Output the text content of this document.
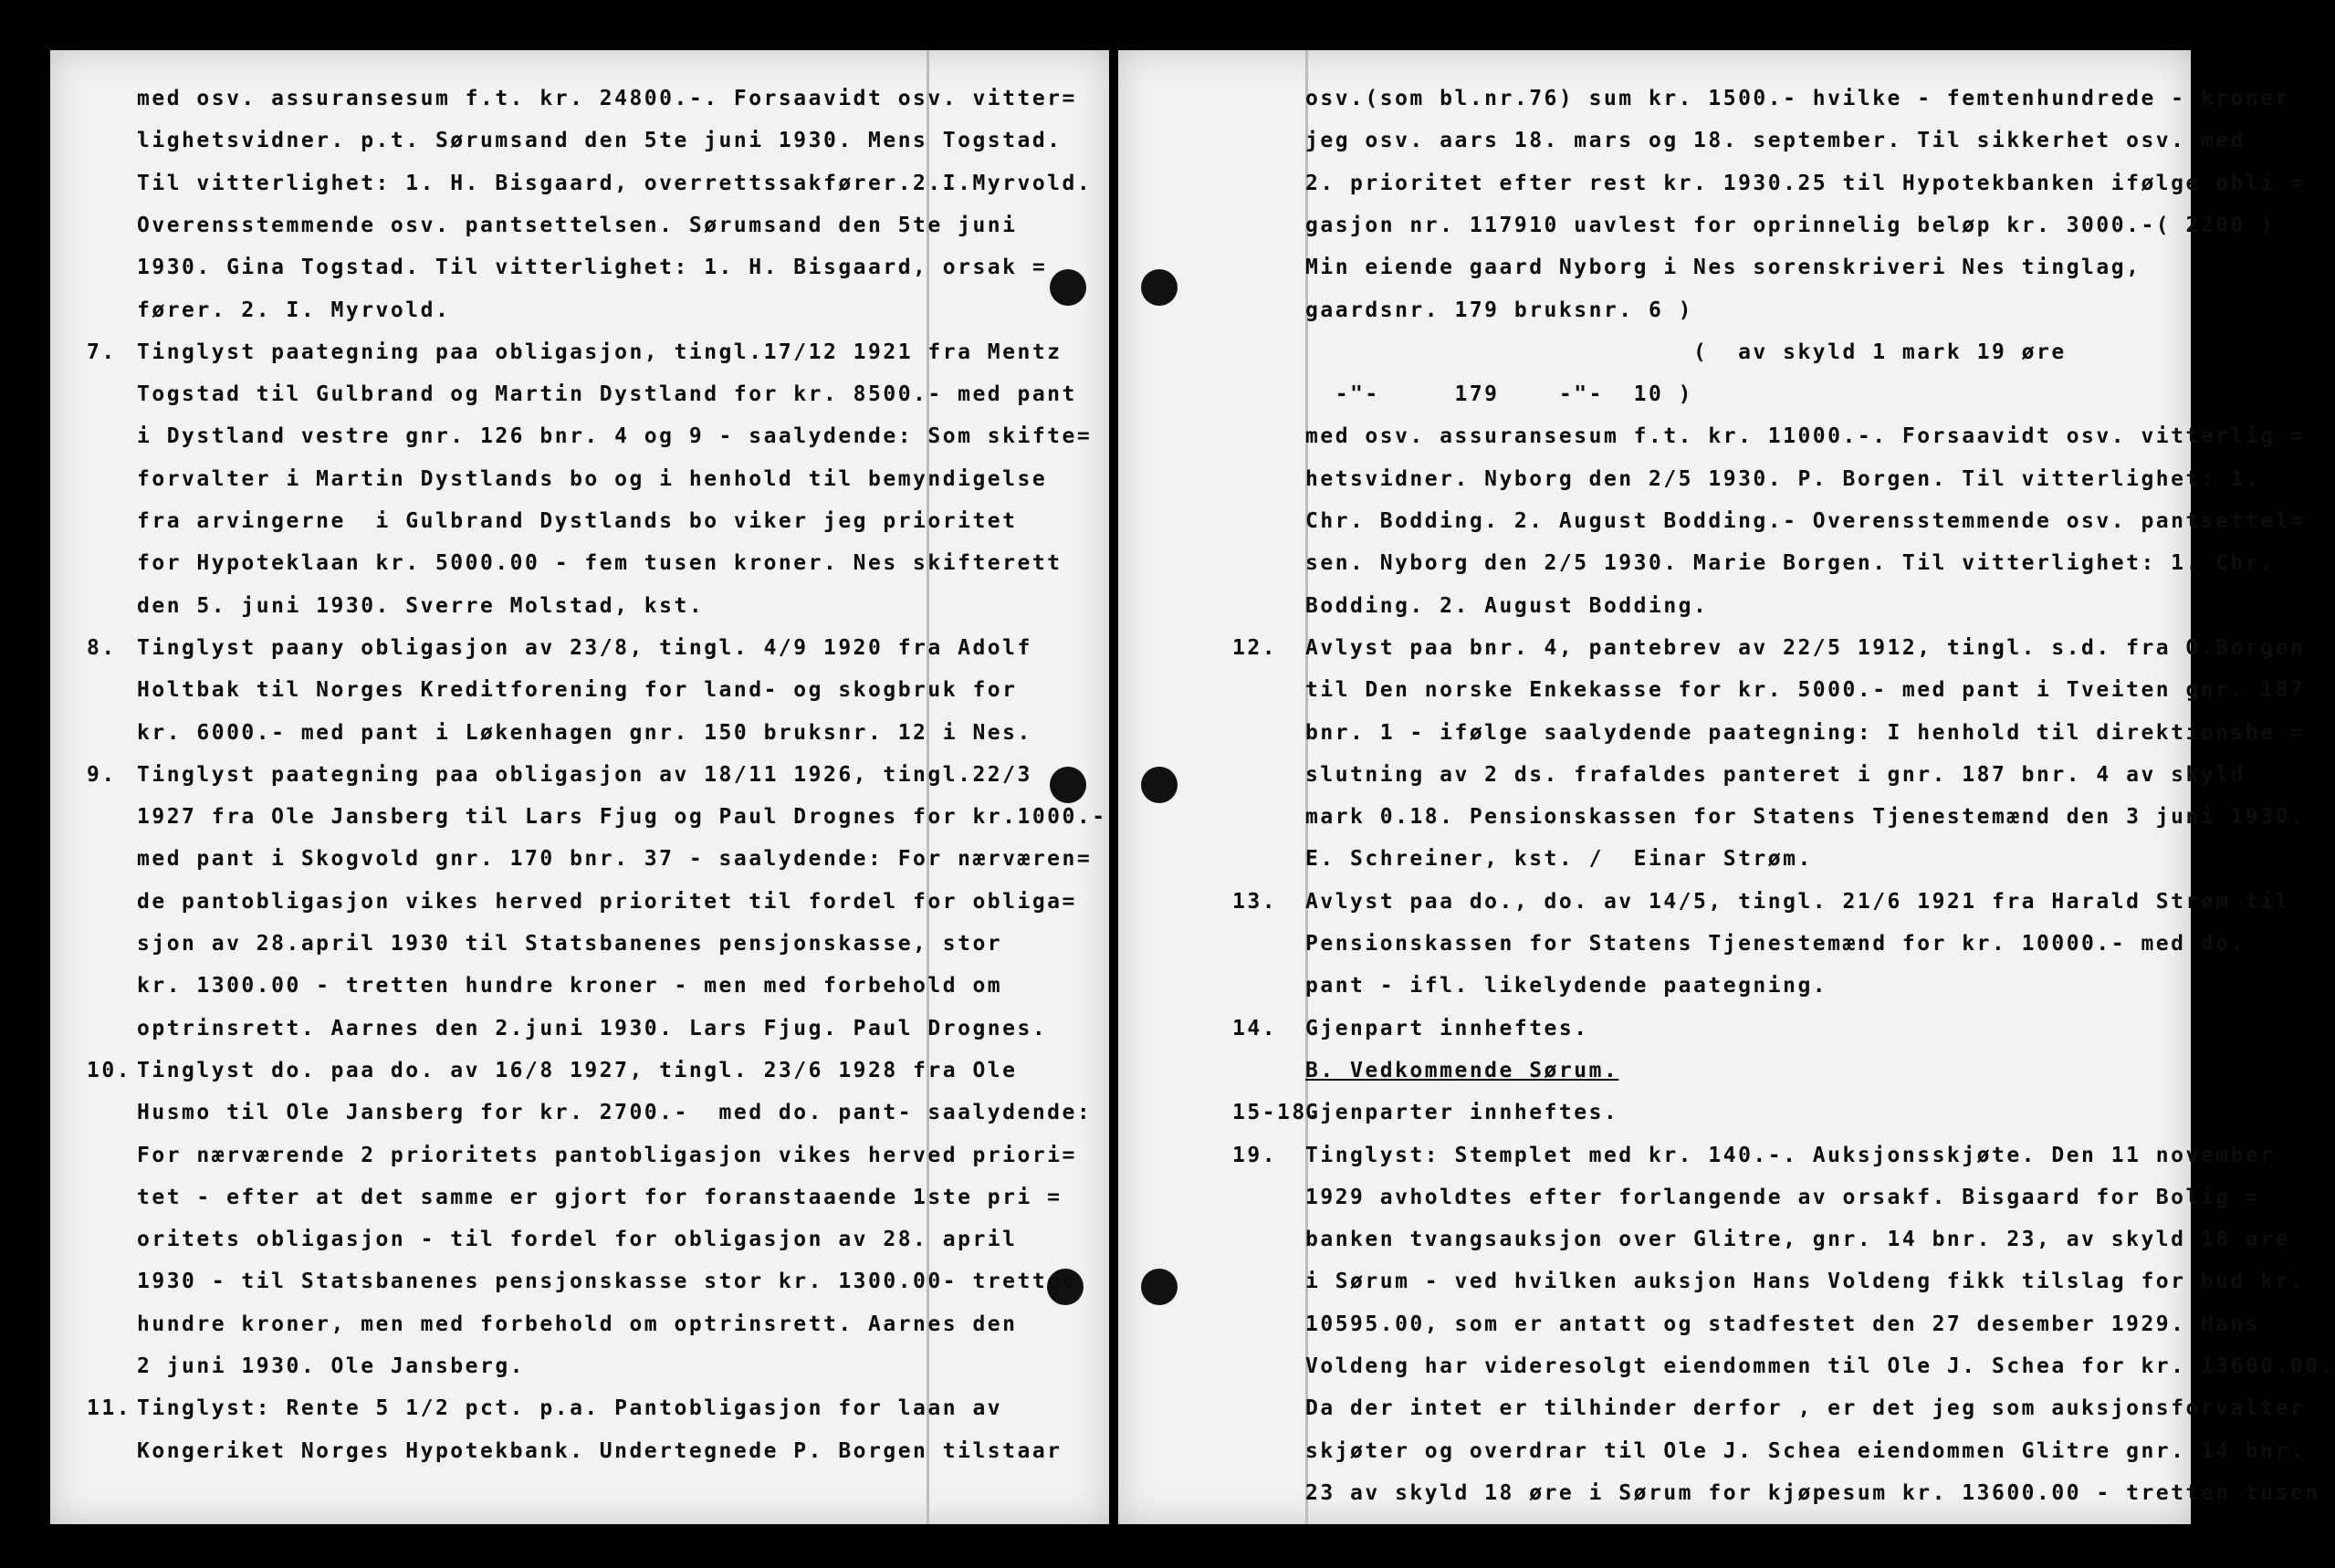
med osv. assuransesum f.t. kr. 24800.-. Forsaavidt osv. vitter=
lighetsvidner. p.t. Sørumsand den 5te juni 1930. Mens Togstad.
Til vitterlighet: 1. H. Bisgaard, overrettssakfører.2.I.Myrvold.
Overensstemmende osv. pantsettelsen. Sørumsand den 5te juni
1930. Gina Togstad. Til vitterlighet: 1. H. Bisgaard, orsak =
fører. 2. I. Myrvold.
7. Tinglyst paategning paa obligasjon, tingl.17/12 1921 fra Mentz
Togstad til Gulbrand og Martin Dystland for kr. 8500.- med pant
i Dystland vestre gnr. 126 bnr. 4 og 9 - saalydende: Som skifte=
forvalter i Martin Dystlands bo og i henhold til bemyndigelse
fra arvingerne  i Gulbrand Dystlands bo viker jeg prioritet
for Hypoteklaan kr. 5000.00 - fem tusen kroner. Nes skifterett
den 5. juni 1930. Sverre Molstad, kst.
8. Tinglyst paany obligasjon av 23/8, tingl. 4/9 1920 fra Adolf
Holtbak til Norges Kreditforening for land- og skogbruk for
kr. 6000.- med pant i Løkenhagen gnr. 150 bruksnr. 12 i Nes.
9. Tinglyst paategning paa obligasjon av 18/11 1926, tingl.22/3
1927 fra Ole Jansberg til Lars Fjug og Paul Drognes for kr.1000.-
med pant i Skogvold gnr. 170 bnr. 37 - saalydende: For nærværen=
de pantobligasjon vikes herved prioritet til fordel for obliga=
sjon av 28.april 1930 til Statsbanenes pensjonskasse, stor
kr. 1300.00 - tretten hundre kroner - men med forbehold om
optrinsrett. Aarnes den 2.juni 1930. Lars Fjug. Paul Drognes.
10. Tinglyst do. paa do. av 16/8 1927, tingl. 23/6 1928 fra Ole
Husmo til Ole Jansberg for kr. 2700.-  med do. pant- saalydende:
For nærværende 2 prioritets pantobligasjon vikes herved priori=
tet - efter at det samme er gjort for foranstaaende 1ste pri =
oritets obligasjon - til fordel for obligasjon av 28. april
1930 - til Statsbanenes pensjonskasse stor kr. 1300.00- tretten
hundre kroner, men med forbehold om optrinsrett. Aarnes den
2 juni 1930. Ole Jansberg.
11. Tinglyst: Rente 5 1/2 pct. p.a. Pantobligasjon for laan av
Kongeriket Norges Hypotekbank. Undertegnede P. Borgen tilstaar
osv.(som bl.nr.76) sum kr. 1500.- hvilke - femtenhundrede - kroner
jeg osv. aars 18. mars og 18. september. Til sikkerhet osv. med
2. prioritet efter rest kr. 1930.25 til Hypotekbanken ifølge obli =
gasjon nr. 117910 uavlest for oprinnelig beløp kr. 3000.-( 2200 )
Min eiende gaard Nyborg i Nes sorenskriveri Nes tinglag,
gaardsnr. 179 bruksnr. 6 )
(  av skyld 1 mark 19 øre
-"-     179    -"-  10 )
med osv. assuransesum f.t. kr. 11000.-. Forsaavidt osv. vitterlig =
hetsvidner. Nyborg den 2/5 1930. P. Borgen. Til vitterlighet: 1.
Chr. Bodding. 2. August Bodding.- Overensstemmende osv. pantsettel=
sen. Nyborg den 2/5 1930. Marie Borgen. Til vitterlighet: 1. Chr.
Bodding. 2. August Bodding.
12. Avlyst paa bnr. 4, pantebrev av 22/5 1912, tingl. s.d. fra O.Borgen
til Den norske Enkekasse for kr. 5000.- med pant i Tveiten gnr. 187
bnr. 1 - ifølge saalydende paategning: I henhold til direktionsbe =
slutning av 2 ds. frafaldes panteret i gnr. 187 bnr. 4 av skyld
mark 0.18. Pensionskassen for Statens Tjenestemænd den 3 juni 1930.
E. Schreiner, kst. /  Einar Strøm.
13. Avlyst paa do., do. av 14/5, tingl. 21/6 1921 fra Harald Strøm til
Pensionskassen for Statens Tjenestemænd for kr. 10000.- med do.
pant - ifl. likelydende paategning.
14. Gjenpart innheftes.
B. Vedkommende Sørum.
15-18.
Gjenparter innheftes.
19. Tinglyst: Stemplet med kr. 140.-. Auksjonsskjøte. Den 11 november
1929 avholdtes efter forlangende av orsakf. Bisgaard for Bolig =
banken tvangsauksjon over Glitre, gnr. 14 bnr. 23, av skyld 18 øre
i Sørum - ved hvilken auksjon Hans Voldeng fikk tilslag for bud kr.
10595.00, som er antatt og stadfestet den 27 desember 1929. Hans
Voldeng har videresolgt eiendommen til Ole J. Schea for kr. 13600.00.
Da der intet er tilhinder derfor , er det jeg som auksjonsforvalter
skjøter og overdrar til Ole J. Schea eiendommen Glitre gnr. 14 bnr.
23 av skyld 18 øre i Sørum for kjøpesum kr. 13600.00 - tretten tusen
